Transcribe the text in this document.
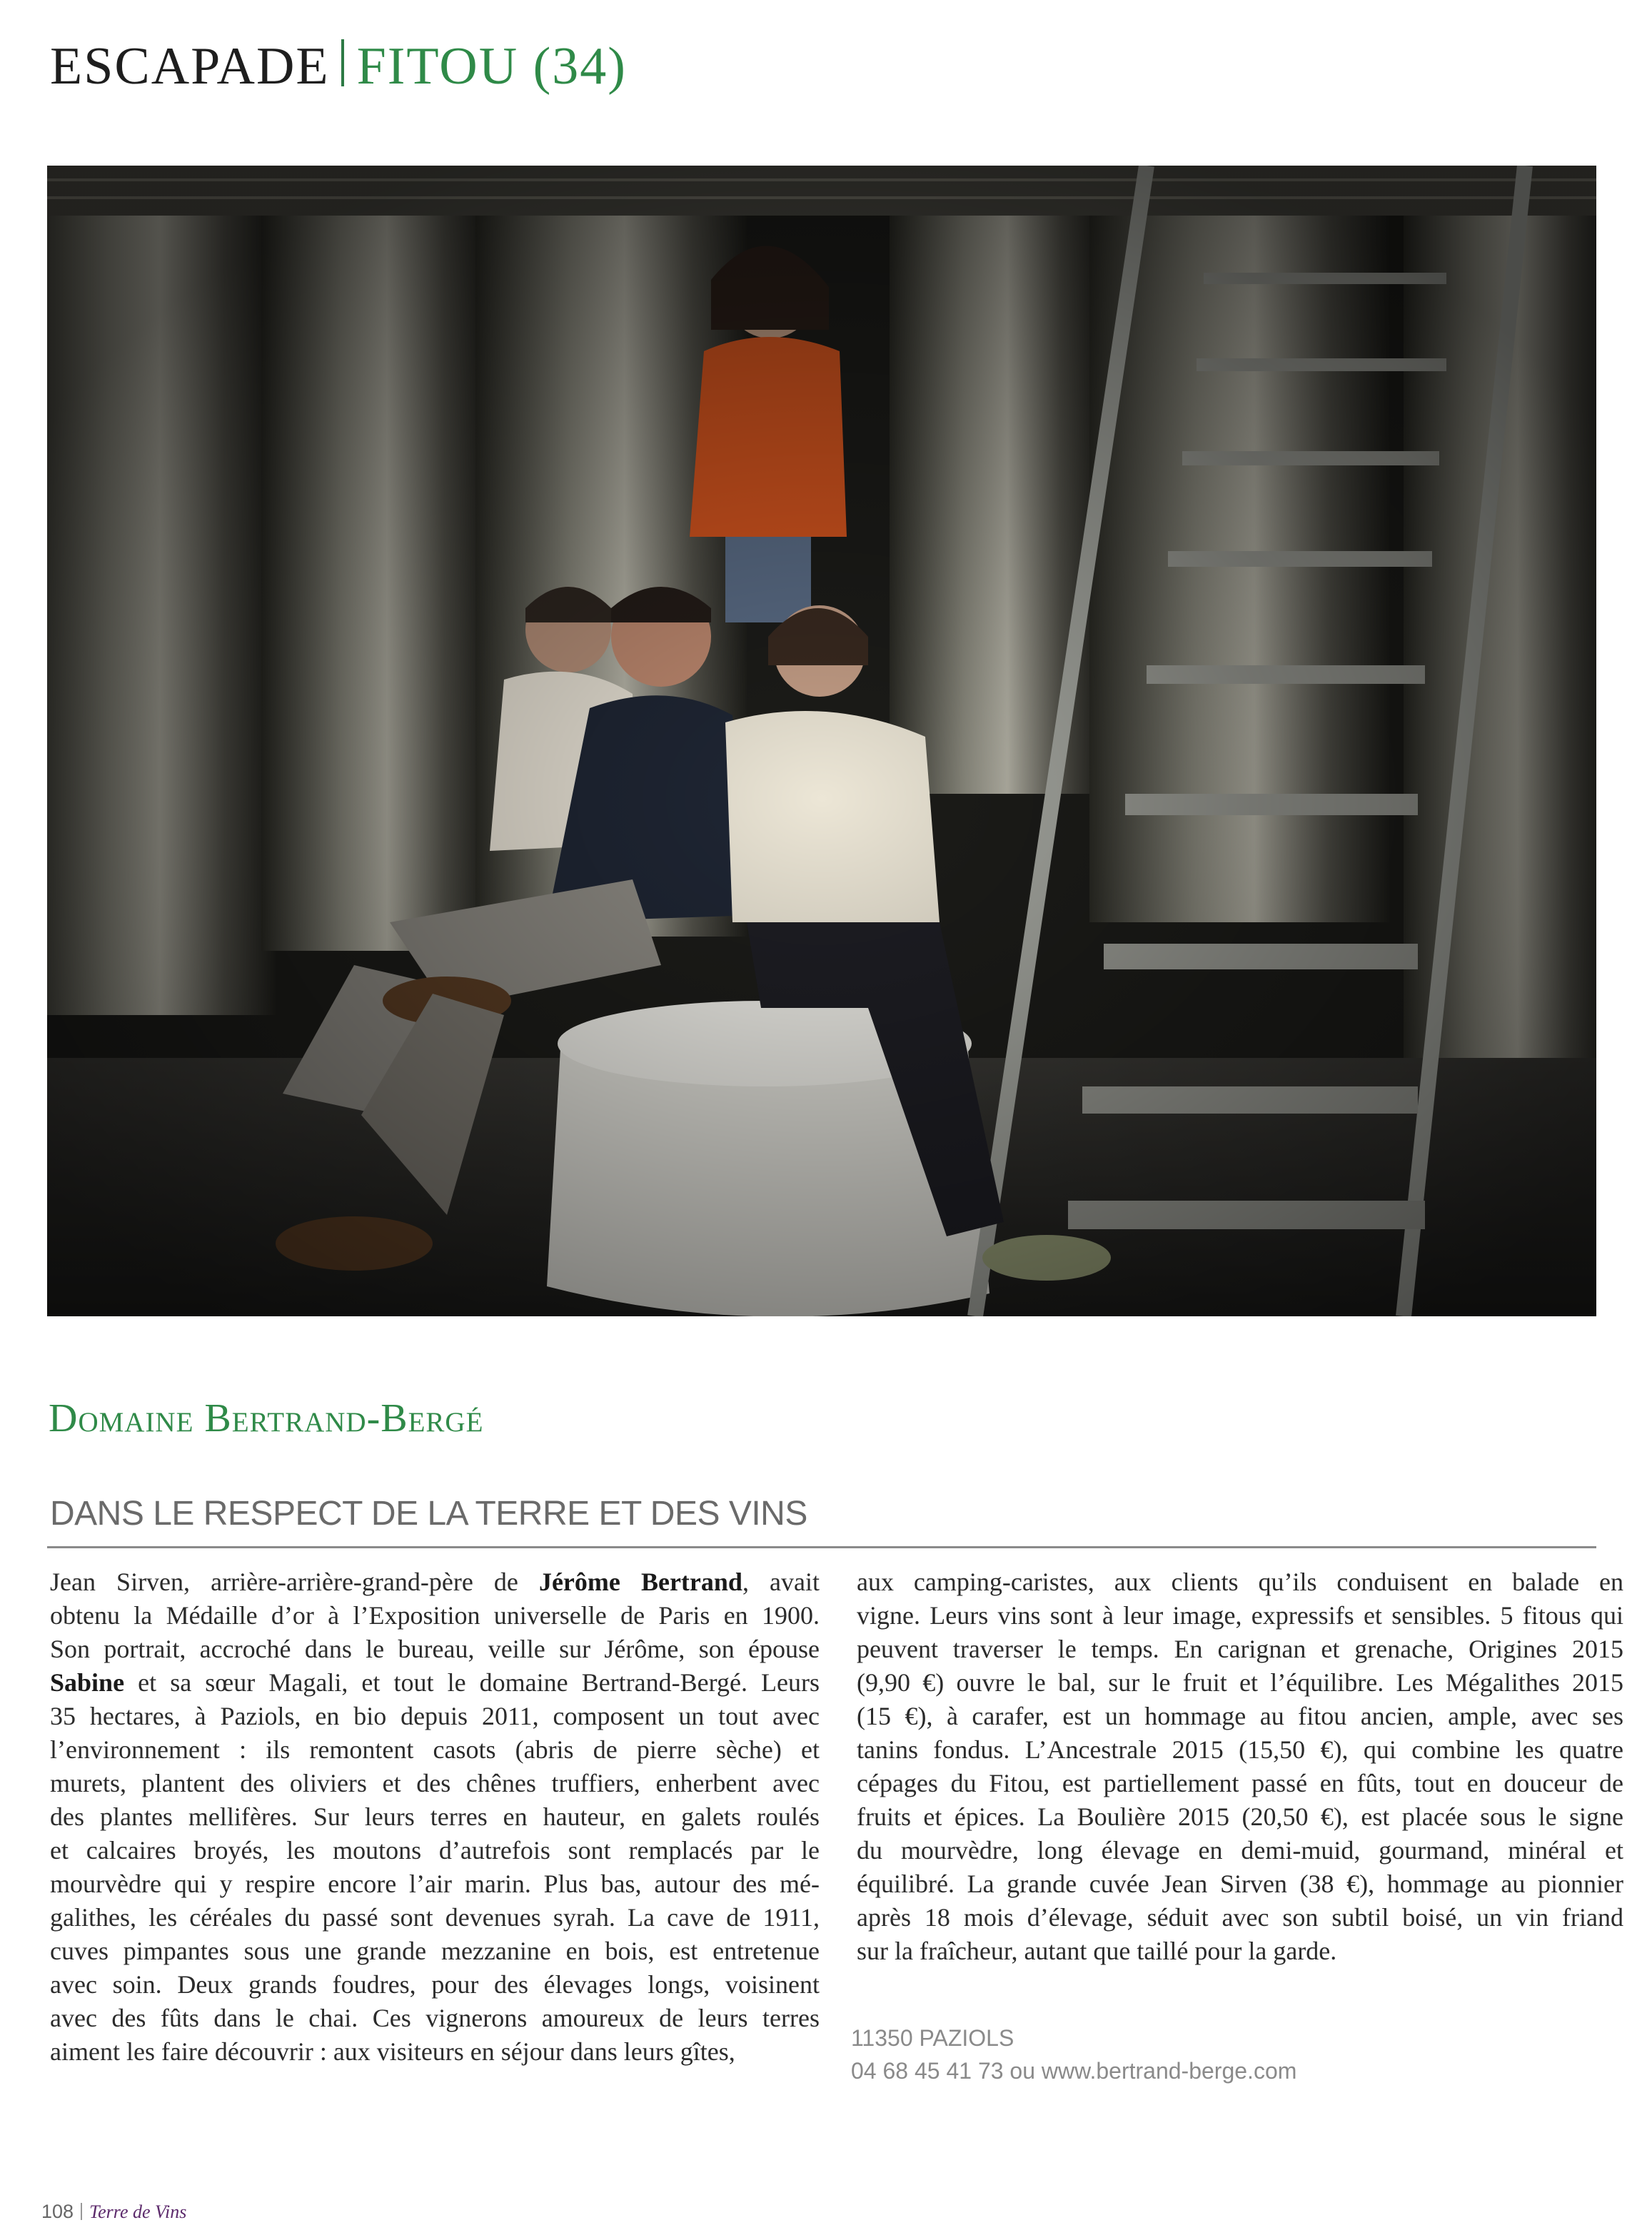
ESCAPADE FITOU (34)
Domaine Bertrand-Bergé
DANS LE RESPECT DE LA TERRE ET DES VINS
Jean Sirven, arrière-arrière-grand-père de Jérôme Bertrand, avait
obtenu la Médaille d’or à l’Exposition universelle de Paris en 1900.
Son portrait, accroché dans le bureau, veille sur Jérôme, son épouse
Sabine et sa sœur Magali, et tout le domaine Bertrand-Bergé. Leurs
35 hectares, à Paziols, en bio depuis 2011, composent un tout avec
l’environnement : ils remontent casots (abris de pierre sèche) et
murets, plantent des oliviers et des chênes truffiers, enherbent avec
des plantes mellifères. Sur leurs terres en hauteur, en galets roulés
et calcaires broyés, les moutons d’autrefois sont remplacés par le
mourvèdre qui y respire encore l’air marin. Plus bas, autour des mé-
galithes, les céréales du passé sont devenues syrah. La cave de 1911,
cuves pimpantes sous une grande mezzanine en bois, est entretenue
avec soin. Deux grands foudres, pour des élevages longs, voisinent
avec des fûts dans le chai. Ces vignerons amoureux de leurs terres
aiment les faire découvrir : aux visiteurs en séjour dans leurs gîtes,
aux camping-caristes, aux clients qu’ils conduisent en balade en
vigne. Leurs vins sont à leur image, expressifs et sensibles. 5 fitous qui
peuvent traverser le temps. En carignan et grenache, Origines 2015
(9,90 €) ouvre le bal, sur le fruit et l’équilibre. Les Mégalithes 2015
(15 €), à carafer, est un hommage au fitou ancien, ample, avec ses
tanins fondus. L’Ancestrale 2015 (15,50 €), qui combine les quatre
cépages du Fitou, est partiellement passé en fûts, tout en douceur de
fruits et épices. La Boulière 2015 (20,50 €), est placée sous le signe
du mourvèdre, long élevage en demi-muid, gourmand, minéral et
équilibré. La grande cuvée Jean Sirven (38 €), hommage au pionnier
après 18 mois d’élevage, séduit avec son subtil boisé, un vin friand
sur la fraîcheur, autant que taillé pour la garde.
11350 PAZIOLS
04 68 45 41 73 ou www.bertrand-berge.com
108 Terre de Vins
